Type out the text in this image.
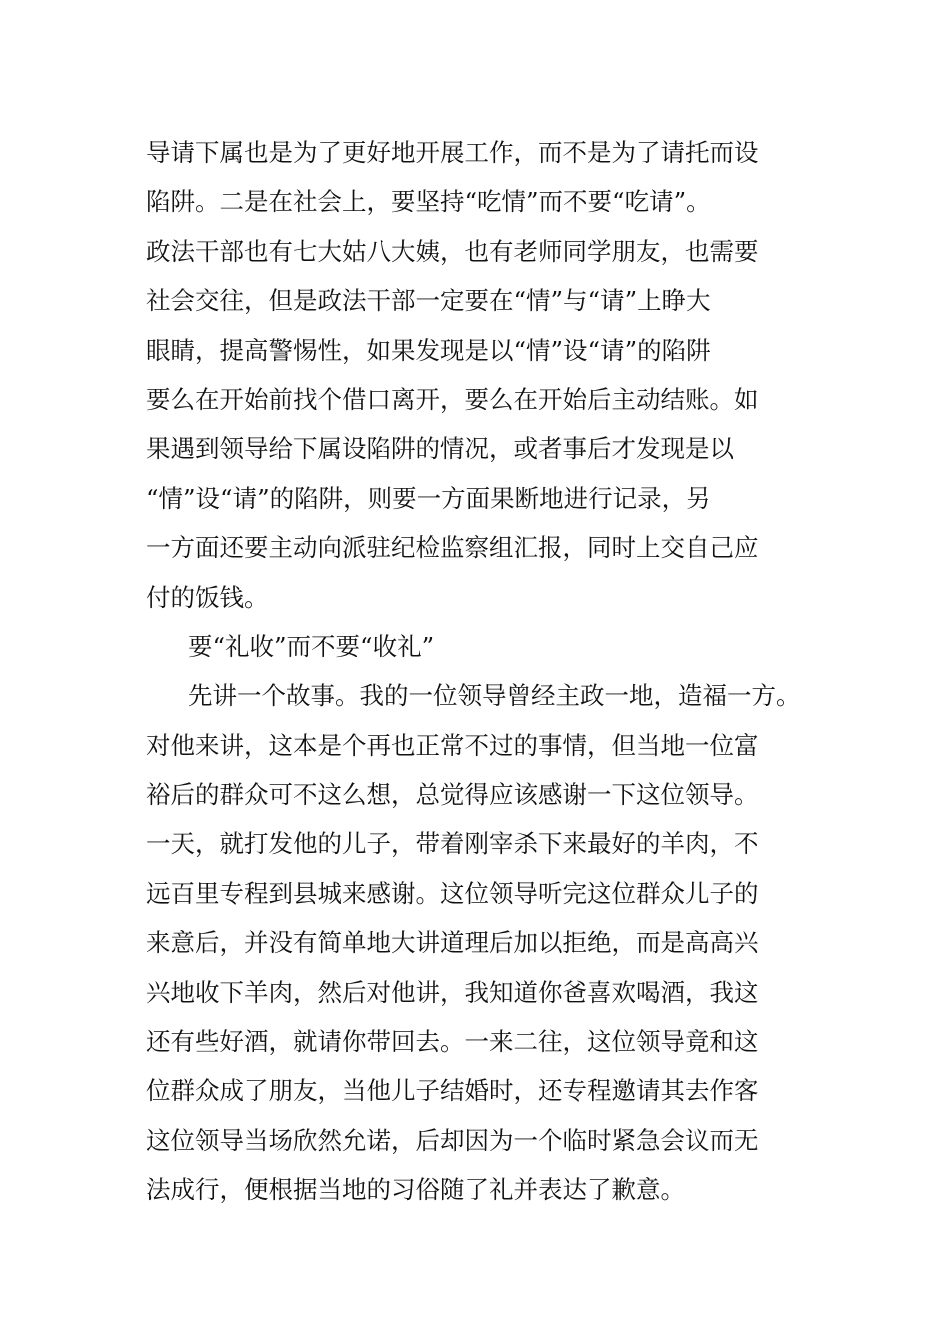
导请下属也是为了更好地开展工作，而不是为了请托而设
陷阱。二是在社会上，要坚持“吃情”而不要“吃请”。
政法干部也有七大姑八大姨，也有老师同学朋友，也需要
社会交往，但是政法干部一定要在“情”与“请”上睁大
眼睛，提高警惕性，如果发现是以“情”设“请”的陷阱
要么在开始前找个借口离开，要么在开始后主动结账。如
果遇到领导给下属设陷阱的情况，或者事后才发现是以
“情”设“请”的陷阱，则要一方面果断地进行记录，另
一方面还要主动向派驻纪检监察组汇报，同时上交自己应
付的饭钱。
要“礼收”而不要“收礼”
先讲一个故事。我的一位领导曾经主政一地，造福一方。
对他来讲，这本是个再也正常不过的事情，但当地一位富
裕后的群众可不这么想，总觉得应该感谢一下这位领导。
一天，就打发他的儿子，带着刚宰杀下来最好的羊肉，不
远百里专程到县城来感谢。这位领导听完这位群众儿子的
来意后，并没有简单地大讲道理后加以拒绝，而是高高兴
兴地收下羊肉，然后对他讲，我知道你爸喜欢喝酒，我这
还有些好酒，就请你带回去。一来二往，这位领导竟和这
位群众成了朋友，当他儿子结婚时，还专程邀请其去作客
这位领导当场欣然允诺，后却因为一个临时紧急会议而无
法成行，便根据当地的习俗随了礼并表达了歉意。
